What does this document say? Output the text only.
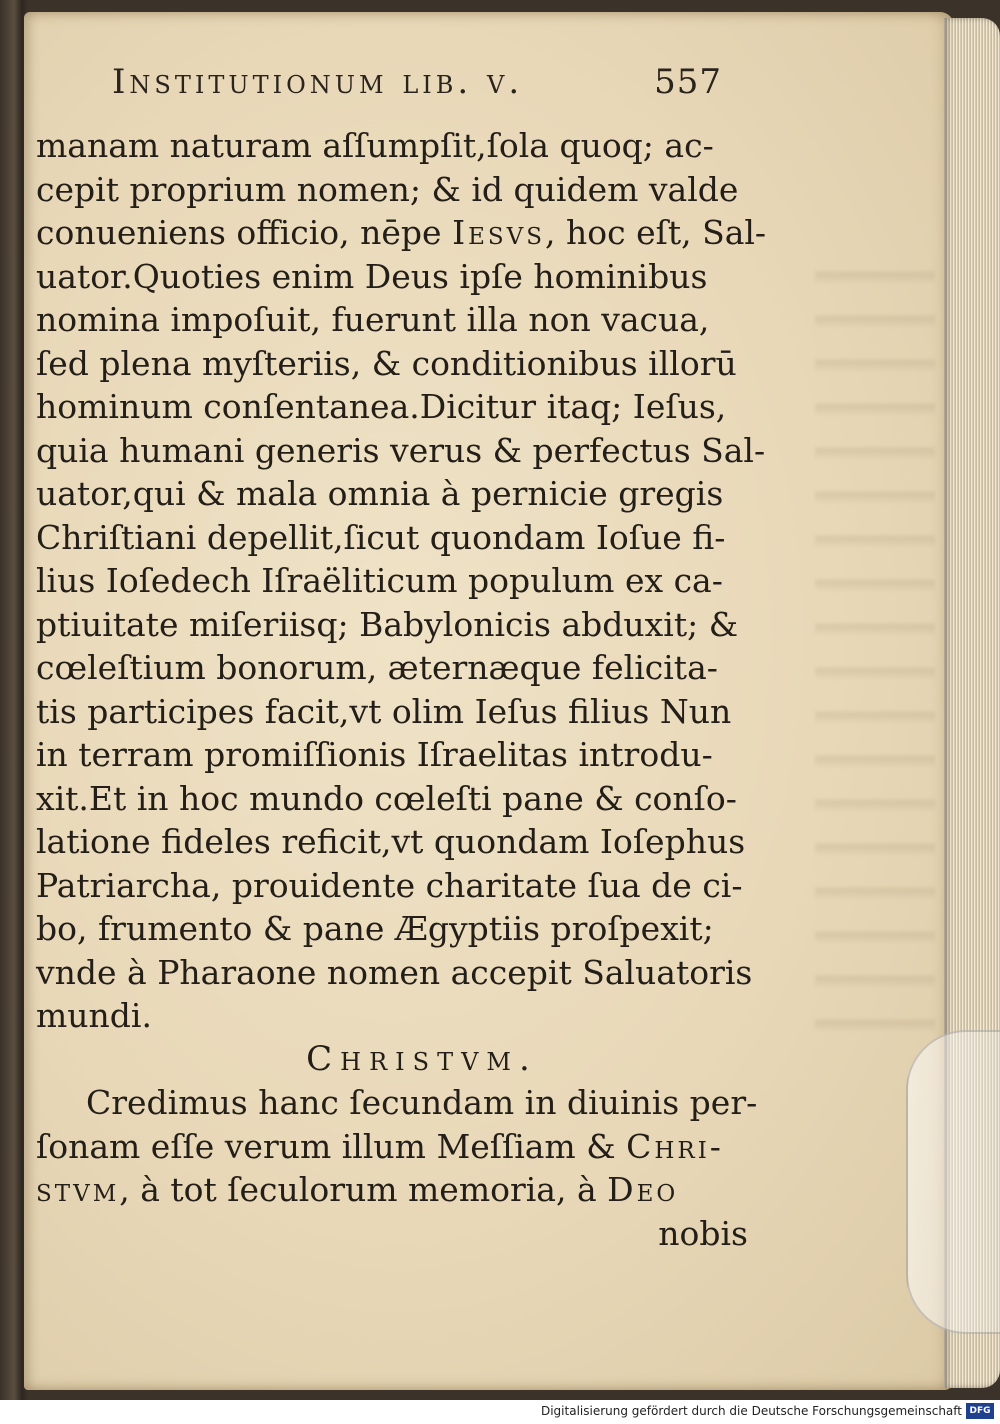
Institutionum lib. v.	557
manam naturam aſſumpſit,ſola quoq; ac-
cepit proprium nomen; & id quidem valde
conueniens officio, nēpe Iesvs, hoc eſt, Sal-
uator.Quoties enim Deus ipſe hominibus
nomina impoſuit, fuerunt illa non vacua,
ſed plena myſteriis, & conditionibus illorū
hominum conſentanea.Dicitur itaq; Ieſus,
quia humani generis verus & perfectus Sal-
uator,qui & mala omnia à pernicie gregis
Chriſtiani depellit,ſicut quondam Ioſue fi-
lius Ioſedech Iſraëliticum populum ex ca-
ptiuitate miſeriisq; Babylonicis abduxit; &
cœleſtium bonorum, æternæque felicita-
tis participes facit,vt olim Ieſus filius Nun
in terram promiſſionis Iſraelitas introdu-
xit.Et in hoc mundo cœleſti pane & conſo-
latione fideles reficit,vt quondam Ioſephus
Patriarcha, prouidente charitate ſua de ci-
bo, frumento & pane Ægyptiis proſpexit;
vnde à Pharaone nomen accepit Saluatoris
mundi.
Christvm.
Credimus hanc ſecundam in diuinis per-
ſonam eſſe verum illum Meſſiam & Chri-
stvm, à tot ſeculorum memoria, à Deo
nobis
Digitalisierung gefördert durch die Deutsche Forschungsgemeinschaft DFG
